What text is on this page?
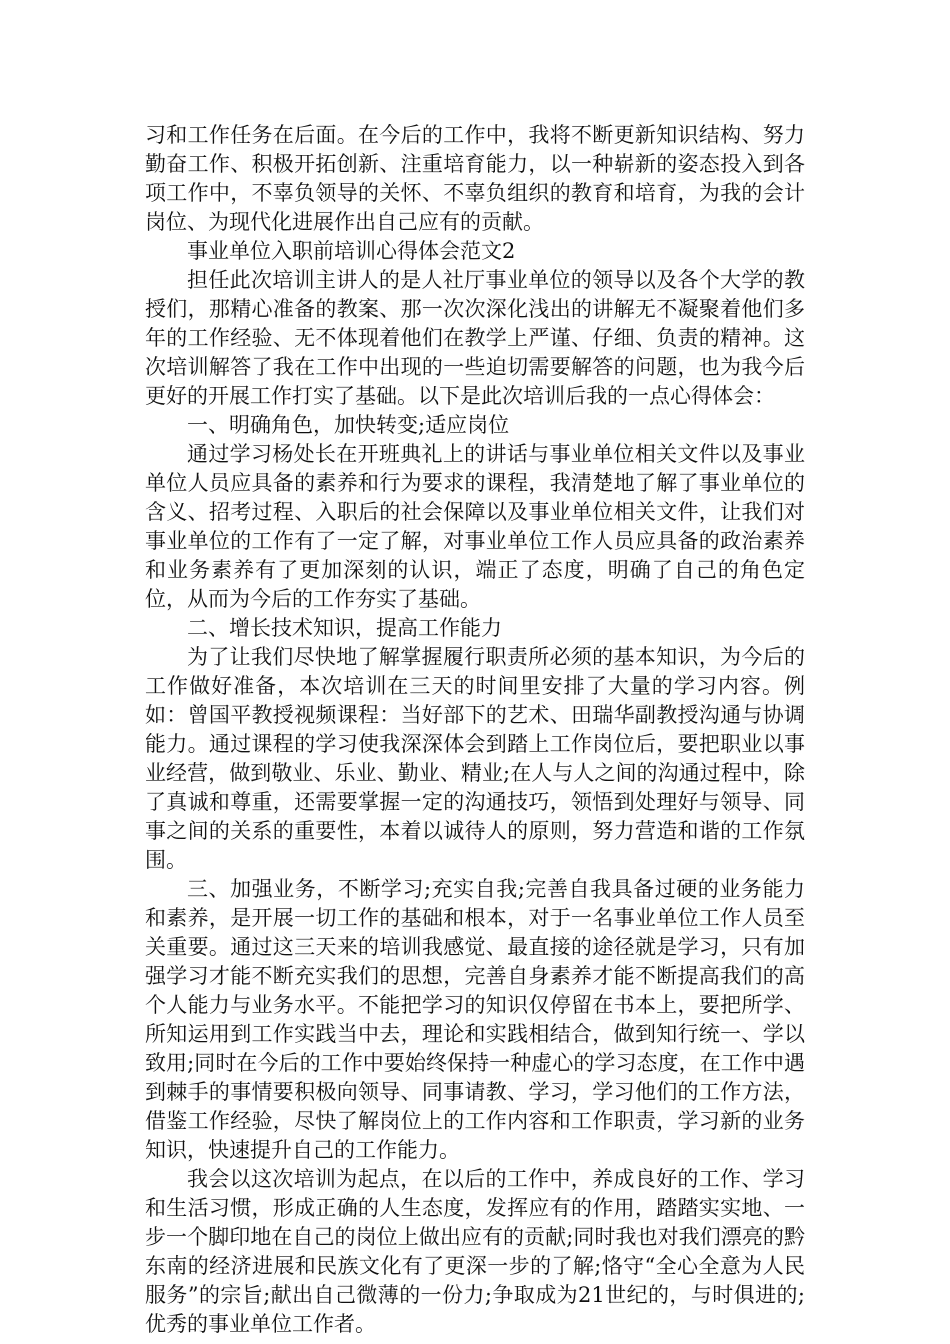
习和工作任务在后面。在今后的工作中，我将不断更新知识结构、努力勤奋工作、积极开拓创新、注重培育能力，以一种崭新的姿态投入到各项工作中，不辜负领导的关怀、不辜负组织的教育和培育，为我的会计岗位、为现代化进展作出自己应有的贡献。

事业单位入职前培训心得体会范文2

担任此次培训主讲人的是人社厅事业单位的领导以及各个大学的教授们，那精心准备的教案、那一次次深化浅出的讲解无不凝聚着他们多年的工作经验、无不体现着他们在教学上严谨、仔细、负责的精神。这次培训解答了我在工作中出现的一些迫切需要解答的问题，也为我今后更好的开展工作打实了基础。以下是此次培训后我的一点心得体会：

一、明确角色，加快转变;适应岗位

通过学习杨处长在开班典礼上的讲话与事业单位相关文件以及事业单位人员应具备的素养和行为要求的课程，我清楚地了解了事业单位的含义、招考过程、入职后的社会保障以及事业单位相关文件，让我们对事业单位的工作有了一定了解，对事业单位工作人员应具备的政治素养和业务素养有了更加深刻的认识，端正了态度，明确了自己的角色定位，从而为今后的工作夯实了基础。

二、增长技术知识，提高工作能力

为了让我们尽快地了解掌握履行职责所必须的基本知识，为今后的工作做好准备，本次培训在三天的时间里安排了大量的学习内容。例如：曾国平教授视频课程：当好部下的艺术、田瑞华副教授沟通与协调能力。通过课程的学习使我深深体会到踏上工作岗位后，要把职业以事业经营，做到敬业、乐业、勤业、精业;在人与人之间的沟通过程中，除了真诚和尊重，还需要掌握一定的沟通技巧，领悟到处理好与领导、同事之间的关系的重要性，本着以诚待人的原则，努力营造和谐的工作氛围。

三、加强业务，不断学习;充实自我;完善自我具备过硬的业务能力和素养，是开展一切工作的基础和根本，对于一名事业单位工作人员至关重要。通过这三天来的培训我感觉、最直接的途径就是学习，只有加强学习才能不断充实我们的思想，完善自身素养才能不断提高我们的高个人能力与业务水平。不能把学习的知识仅停留在书本上，要把所学、所知运用到工作实践当中去，理论和实践相结合，做到知行统一、学以致用;同时在今后的工作中要始终保持一种虚心的学习态度，在工作中遇到棘手的事情要积极向领导、同事请教、学习，学习他们的工作方法，借鉴工作经验，尽快了解岗位上的工作内容和工作职责，学习新的业务知识，快速提升自己的工作能力。

我会以这次培训为起点，在以后的工作中，养成良好的工作、学习和生活习惯，形成正确的人生态度，发挥应有的作用，踏踏实实地、一步一个脚印地在自己的岗位上做出应有的贡献;同时我也对我们漂亮的黔东南的经济进展和民族文化有了更深一步的了解;恪守“全心全意为人民服务”的宗旨;献出自己微薄的一份力;争取成为21世纪的，与时俱进的;优秀的事业单位工作者。
